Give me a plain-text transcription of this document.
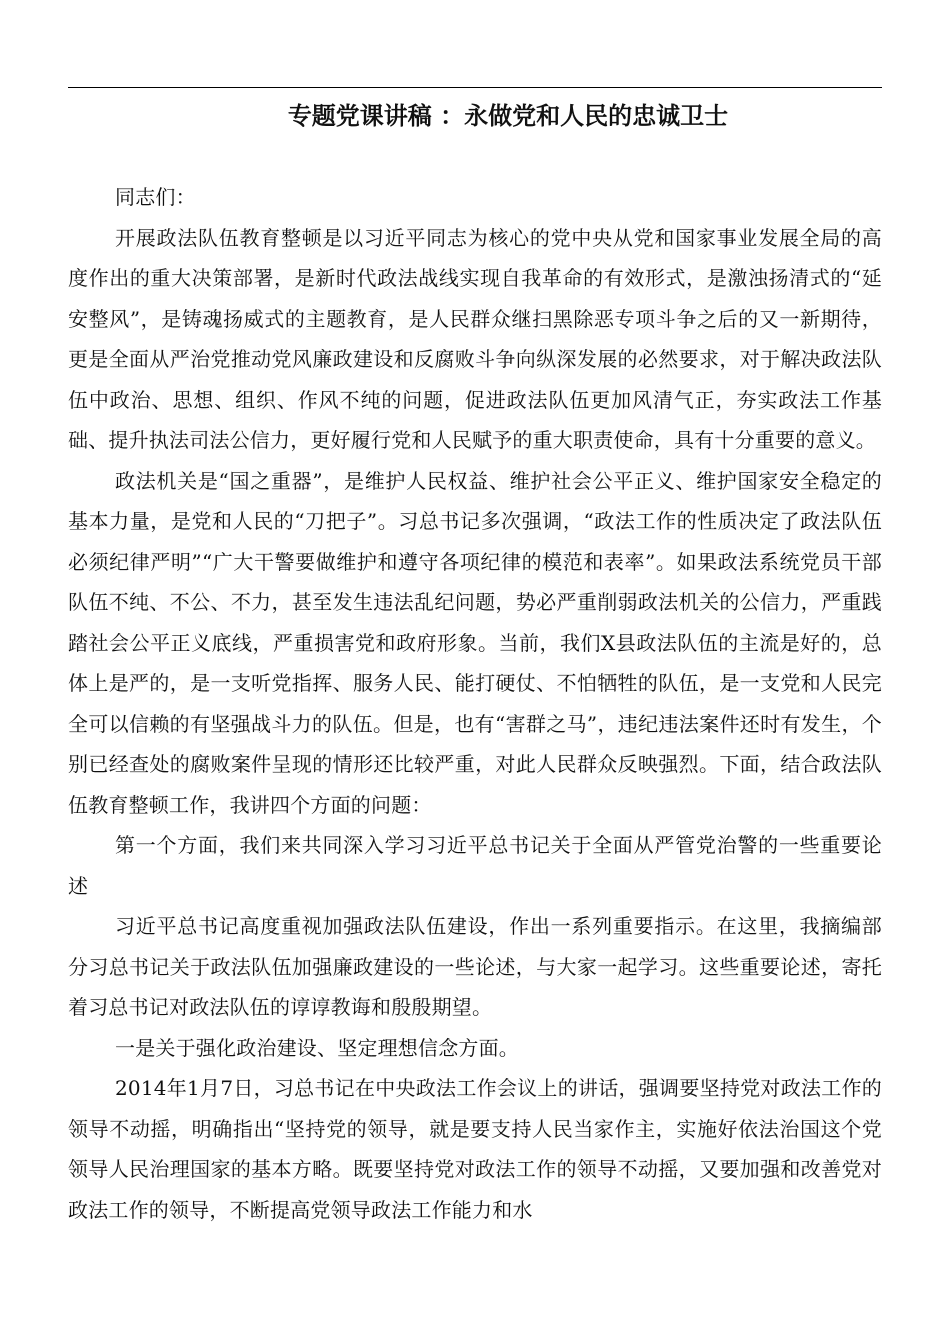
专题党课讲稿 ：永做党和人民的忠诚卫士

同志们：

开展政法队伍教育整顿是以习近平同志为核心的党中央从党和国家事业发展全局的高度作出的重大决策部署，是新时代政法战线实现自我革命的有效形式，是激浊扬清式的“延安整风”，是铸魂扬威式的主题教育，是人民群众继扫黑除恶专项斗争之后的又一新期待，更是全面从严治党推动党风廉政建设和反腐败斗争向纵深发展的必然要求，对于解决政法队伍中政治、思想、组织、作风不纯的问题，促进政法队伍更加风清气正，夯实政法工作基础、提升执法司法公信力，更好履行党和人民赋予的重大职责使命，具有十分重要的意义。

政法机关是“国之重器”，是维护人民权益、维护社会公平正义、维护国家安全稳定的基本力量，是党和人民的“刀把子”。习总书记多次强调，“政法工作的性质决定了政法队伍必须纪律严明”“广大干警要做维护和遵守各项纪律的模范和表率”。如果政法系统党员干部队伍不纯、不公、不力，甚至发生违法乱纪问题，势必严重削弱政法机关的公信力，严重践踏社会公平正义底线，严重损害党和政府形象。当前，我们X县政法队伍的主流是好的，总体上是严的，是一支听党指挥、服务人民、能打硬仗、不怕牺牲的队伍，是一支党和人民完全可以信赖的有坚强战斗力的队伍。但是，也有“害群之马”，违纪违法案件还时有发生，个别已经查处的腐败案件呈现的情形还比较严重，对此人民群众反映强烈。下面，结合政法队伍教育整顿工作，我讲四个方面的问题：

第一个方面，我们来共同深入学习习近平总书记关于全面从严管党治警的一些重要论述

习近平总书记高度重视加强政法队伍建设，作出一系列重要指示。在这里，我摘编部分习总书记关于政法队伍加强廉政建设的一些论述，与大家一起学习。这些重要论述，寄托着习总书记对政法队伍的谆谆教诲和殷殷期望。

一是关于强化政治建设、坚定理想信念方面。

2014年1月7日，习总书记在中央政法工作会议上的讲话，强调要坚持党对政法工作的领导不动摇，明确指出“坚持党的领导，就是要支持人民当家作主，实施好依法治国这个党领导人民治理国家的基本方略。既要坚持党对政法工作的领导不动摇，又要加强和改善党对政法工作的领导，不断提高党领导政法工作能力和水
